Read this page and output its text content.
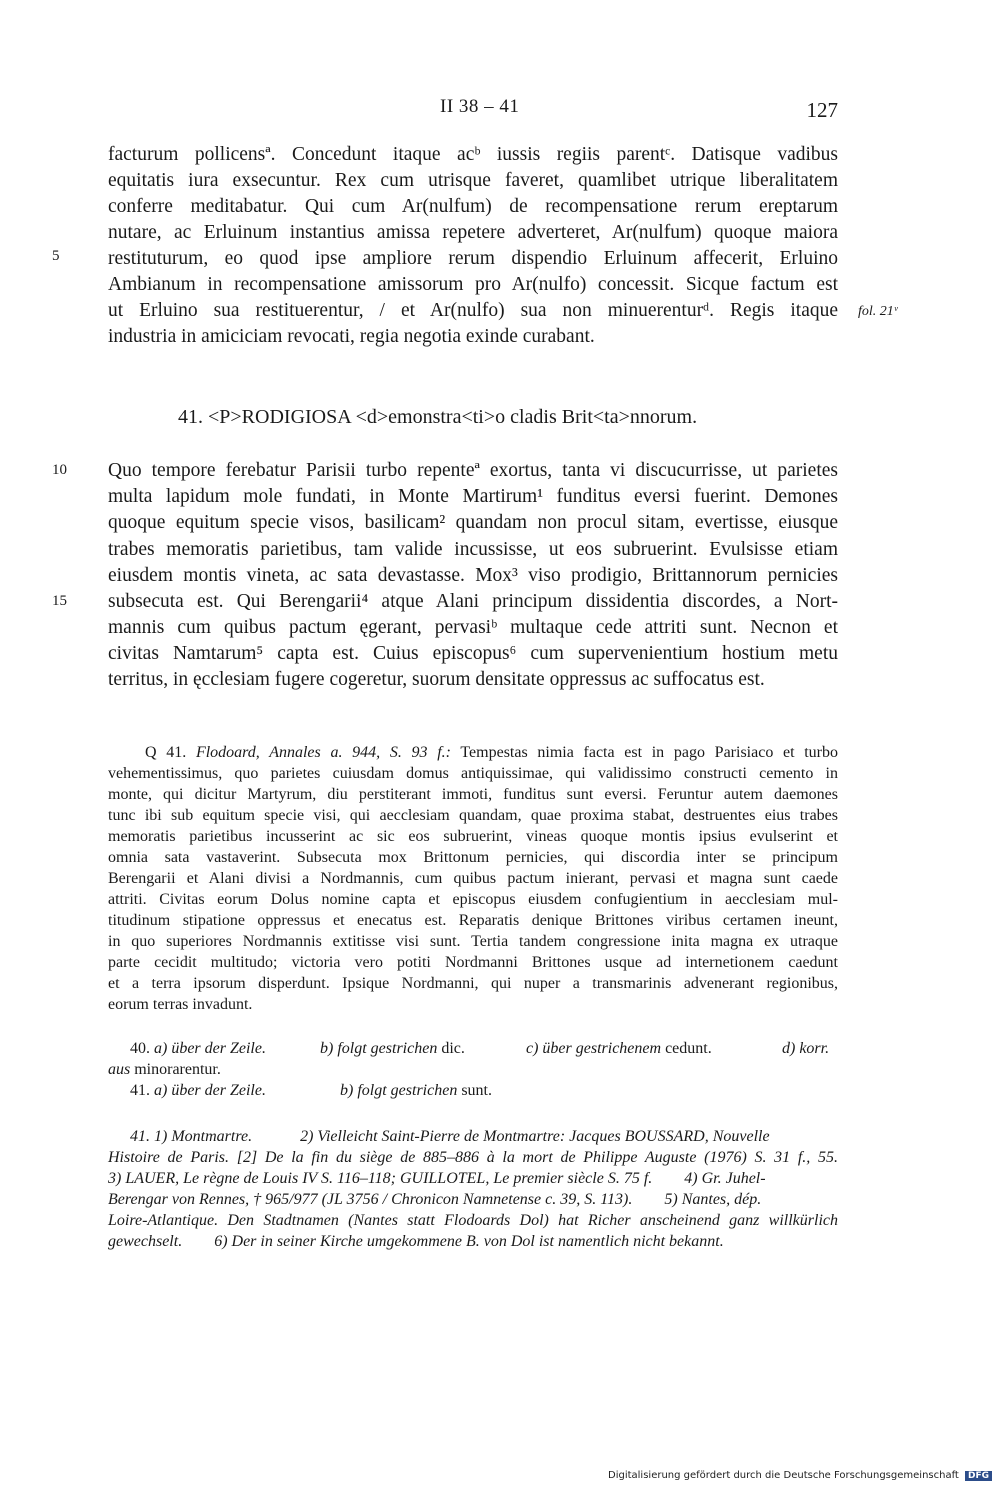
II 38 – 41	127
facturum pollicensª. Concedunt itaque acᵇ iussis regiis parentᶜ. Datisque vadibus
equitatis iura exsecuntur. Rex cum utrisque faveret, quamlibet utrique liberalitatem
conferre meditabatur. Qui cum Ar(nulfum) de recompensatione rerum ereptarum
nutare, ac Erluinum instantius amissa repetere adverteret, Ar(nulfum) quoque maiora
5 restituturum, eo quod ipse ampliore rerum dispendio Erluinum affecerit, Erluino
Ambianum in recompensatione amissorum pro Ar(nulfo) concessit. Sicque factum est
ut Erluino sua restituerentur, / et Ar(nulfo) sua non minuerenturᵈ. Regis itaque
industria in amiciciam revocati, regia negotia exinde curabant.
fol. 21ᵛ
41. <P>RODIGIOSA <d>emonstra<ti>o cladis Brit<ta>nnorum.
10 Quo tempore ferebatur Parisii turbo repenteª exortus, tanta vi discucurrisse, ut parietes
multa lapidum mole fundati, in Monte Martirum¹ funditus eversi fuerint. Demones
quoque equitum specie visos, basilicam² quandam non procul sitam, evertisse, eiusque
trabes memoratis parietibus, tam valide incussisse, ut eos subruerint. Evulsisse etiam
eiusdem montis vineta, ac sata devastasse. Mox³ viso prodigio, Brittannorum pernicies
15 subsecuta est. Qui Berengarii⁴ atque Alani principum dissidentia discordes, a Nort-
mannis cum quibus pactum ęgerant, pervasiᵇ multaque cede attriti sunt. Necnon et
civitas Namtarum⁵ capta est. Cuius episcopus⁶ cum supervenientium hostium metu
territus, in ęcclesiam fugere cogeretur, suorum densitate oppressus ac suffocatus est.
Q 41. Flodoard, Annales a. 944, S. 93 f.: Tempestas nimia facta est in pago Parisiaco et turbo
vehementissimus, quo parietes cuiusdam domus antiquissimae, qui validissimo constructi cemento in
monte, qui dicitur Martyrum, diu perstiterant immoti, funditus sunt eversi. Feruntur autem daemones
tunc ibi sub equitum specie visi, qui aecclesiam quandam, quae proxima stabat, destruentes eius trabes
memoratis parietibus incusserint ac sic eos subruerint, vineas quoque montis ipsius evulserint et
omnia sata vastaverint. Subsecuta mox Brittonum pernicies, qui discordia inter se principum
Berengarii et Alani divisi a Nordmannis, cum quibus pactum inierant, pervasi et magna sunt caede
attriti. Civitas eorum Dolus nomine capta et episcopus eiusdem confugientium in aecclesiam mul-
titudinum stipatione oppressus et enecatus est. Reparatis denique Brittones viribus certamen ineunt,
in quo superiores Nordmannis extitisse visi sunt. Tertia tandem congressione inita magna ex utraque
parte cecidit multitudo; victoria vero potiti Nordmanni Brittones usque ad internetionem caedunt
et a terra ipsorum disperdunt. Ipsique Nordmanni, qui nuper a transmarinis advenerant regionibus,
eorum terras invadunt.
40. a) über der Zeile.	b) folgt gestrichen dic.	c) über gestrichenem cedunt.	d) korr.
aus minorarentur.
41. a) über der Zeile.	b) folgt gestrichen sunt.
41. 1) Montmartre.            2) Vielleicht Saint-Pierre de Montmartre: Jacques BOUSSARD, Nouvelle
Histoire de Paris. [2] De la fin du siège de 885–886 à la mort de Philippe Auguste (1976) S. 31 f., 55.
3) LAUER, Le règne de Louis IV S. 116–118; GUILLOTEL, Le premier siècle S. 75 f.        4) Gr. Juhel-
Berengar von Rennes, † 965/977 (JL 3756 / Chronicon Namnetense c. 39, S. 113).        5) Nantes, dép.
Loire-Atlantique. Den Stadtnamen (Nantes statt Flodoards Dol) hat Richer anscheinend ganz willkürlich
gewechselt.        6) Der in seiner Kirche umgekommene B. von Dol ist namentlich nicht bekannt.
Digitalisierung gefördert durch die Deutsche Forschungsgemeinschaft DFG
